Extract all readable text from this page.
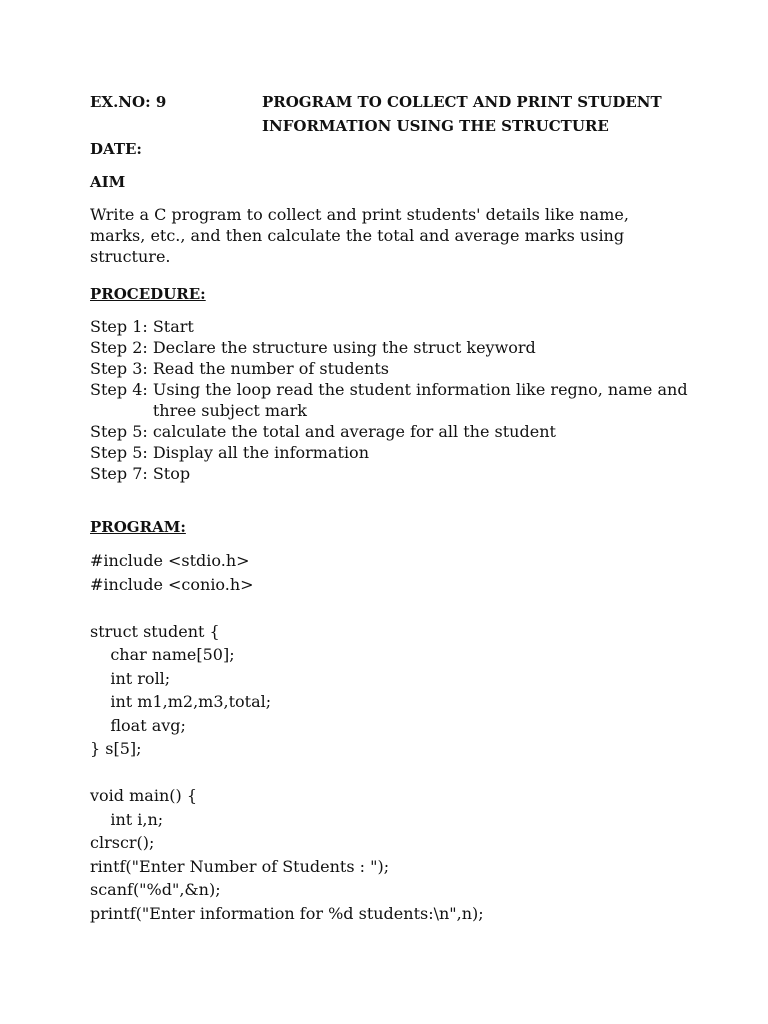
EX.NO: 9	PROGRAM TO COLLECT AND PRINT STUDENT
INFORMATION USING THE STRUCTURE
DATE:
AIM
Write a C program to collect and print students' details like name, marks, etc., and then calculate the total and average marks using structure.
PROCEDURE:
Step 1: Start
Step 2: Declare the structure using the struct keyword
Step 3: Read the number of students
Step 4: Using the loop read the student information like regno, name and three subject mark
Step 5: calculate the total and average for all the student
Step 5: Display all the information
Step 7: Stop
PROGRAM:
#include <stdio.h>
#include <conio.h>
struct student {
char name[50];
int roll;
int m1,m2,m3,total;
float avg;
} s[5];
void main() {
int i,n;
clrscr();
rintf("Enter Number of Students : ");
scanf("%d",&n);
printf("Enter information for %d students:\n",n);
